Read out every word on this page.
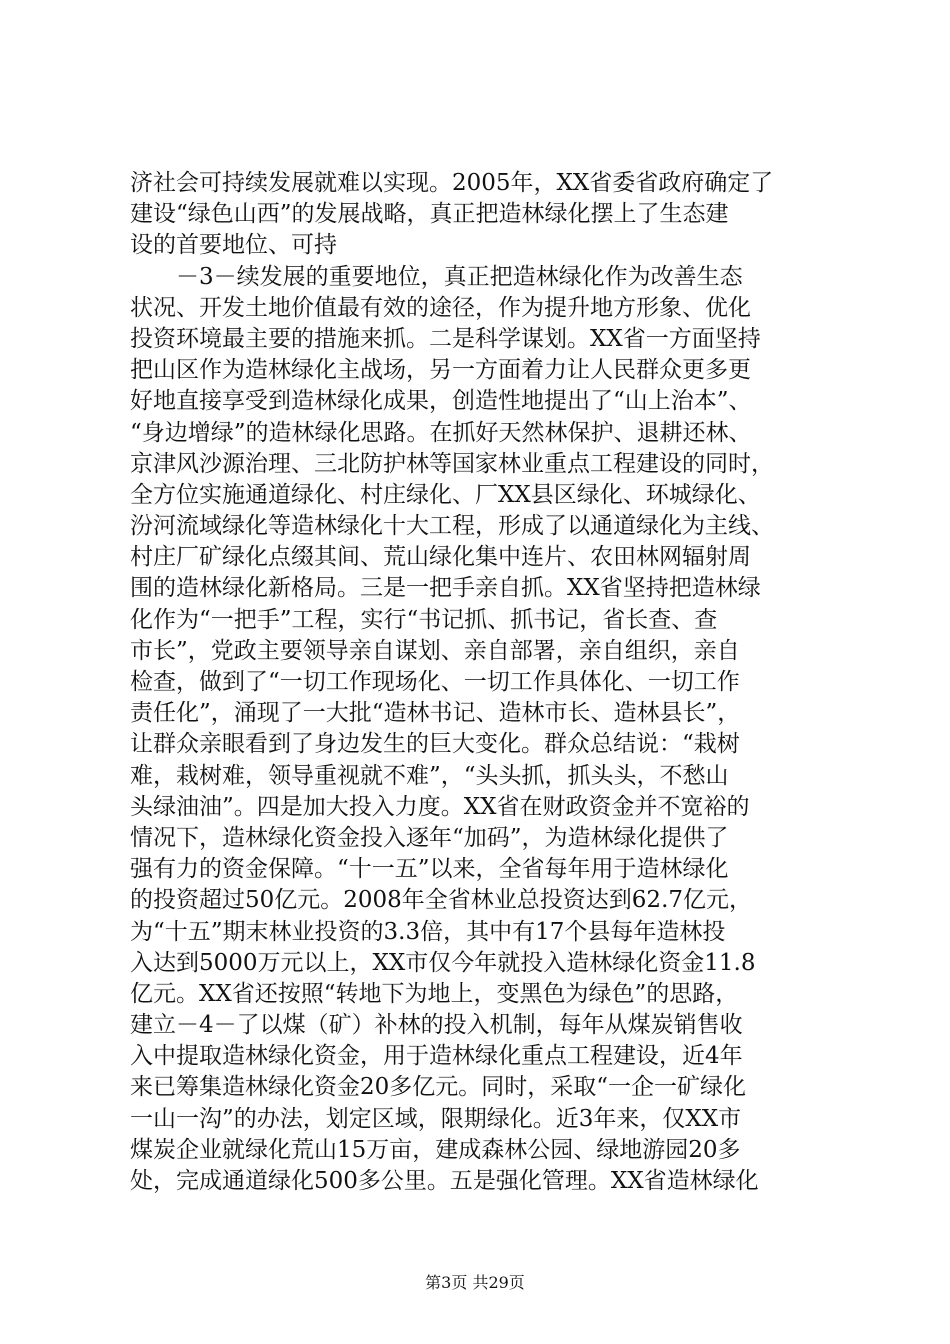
济社会可持续发展就难以实现。2005年，XX省委省政府确定了
建设“绿色山西”的发展战略，真正把造林绿化摆上了生态建
设的首要地位、可持
　　－3－续发展的重要地位，真正把造林绿化作为改善生态
状况、开发土地价值最有效的途径，作为提升地方形象、优化
投资环境最主要的措施来抓。二是科学谋划。XX省一方面坚持
把山区作为造林绿化主战场，另一方面着力让人民群众更多更
好地直接享受到造林绿化成果，创造性地提出了“山上治本”、
“身边增绿”的造林绿化思路。在抓好天然林保护、退耕还林、
京津风沙源治理、三北防护林等国家林业重点工程建设的同时，
全方位实施通道绿化、村庄绿化、厂XX县区绿化、环城绿化、
汾河流域绿化等造林绿化十大工程，形成了以通道绿化为主线、
村庄厂矿绿化点缀其间、荒山绿化集中连片、农田林网辐射周
围的造林绿化新格局。三是一把手亲自抓。XX省坚持把造林绿
化作为“一把手”工程，实行“书记抓、抓书记，省长查、查
市长”，党政主要领导亲自谋划、亲自部署，亲自组织，亲自
检查，做到了“一切工作现场化、一切工作具体化、一切工作
责任化”，涌现了一大批“造林书记、造林市长、造林县长”，
让群众亲眼看到了身边发生的巨大变化。群众总结说：“栽树
难，栽树难，领导重视就不难”，“头头抓，抓头头，不愁山
头绿油油”。四是加大投入力度。XX省在财政资金并不宽裕的
情况下，造林绿化资金投入逐年“加码”，为造林绿化提供了
强有力的资金保障。“十一五”以来，全省每年用于造林绿化
的投资超过50亿元。2008年全省林业总投资达到62.7亿元，
为“十五”期末林业投资的3.3倍，其中有17个县每年造林投
入达到5000万元以上，XX市仅今年就投入造林绿化资金11.8
亿元。XX省还按照“转地下为地上，变黑色为绿色”的思路，
建立－4－了以煤（矿）补林的投入机制，每年从煤炭销售收
入中提取造林绿化资金，用于造林绿化重点工程建设，近4年
来已筹集造林绿化资金20多亿元。同时，采取“一企一矿绿化
一山一沟”的办法，划定区域，限期绿化。近3年来，仅XX市
煤炭企业就绿化荒山15万亩，建成森林公园、绿地游园20多
处，完成通道绿化500多公里。五是强化管理。XX省造林绿化
第3页 共29页
